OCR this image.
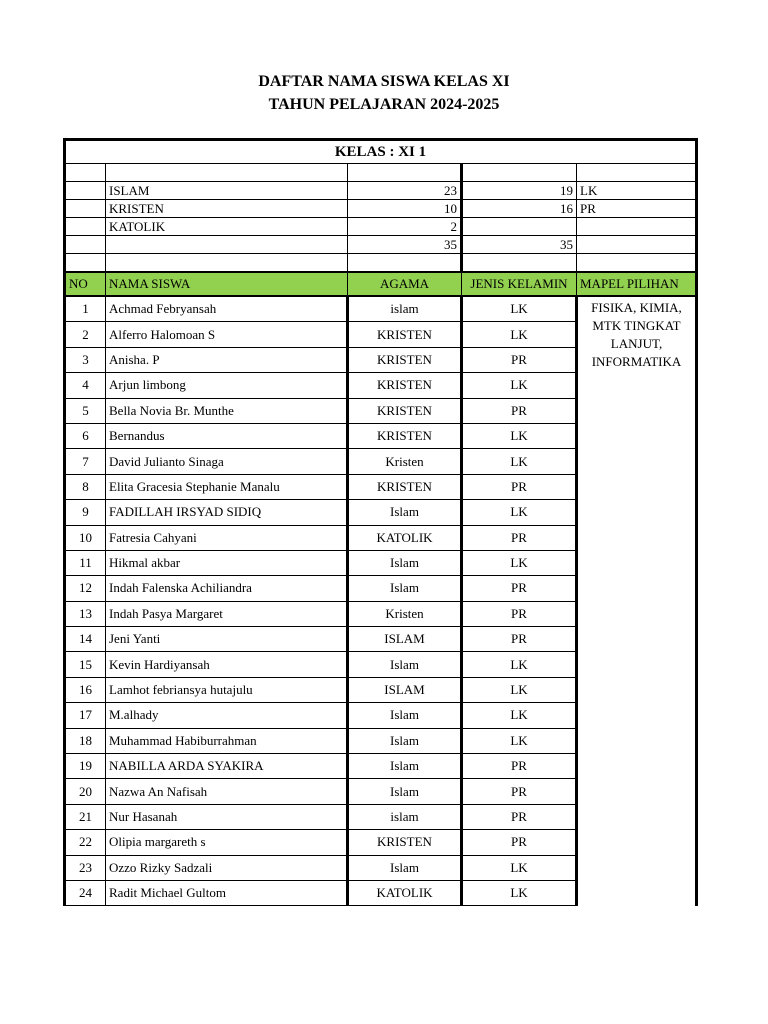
DAFTAR NAMA SISWA KELAS XI
TAHUN PELAJARAN 2024-2025
KELAS : XI 1				

	ISLAM	23	19	LK
	KRISTEN	10	16	PR
	KATOLIK	2		
		35	35	

NO	NAMA SISWA	AGAMA	JENIS KELAMIN	MAPEL PILIHAN
1	Achmad Febryansah	islam	LK	FISIKA, KIMIA, MTK TINGKAT LANJUT, INFORMATIKA
2	Alferro Halomoan S	KRISTEN	LK	
3	Anisha. P	KRISTEN	PR	
4	Arjun limbong	KRISTEN	LK	
5	Bella Novia Br. Munthe	KRISTEN	PR	
6	Bernandus	KRISTEN	LK	
7	David Julianto Sinaga	Kristen	LK	
8	Elita Gracesia Stephanie Manalu	KRISTEN	PR	
9	FADILLAH IRSYAD SIDIQ	Islam	LK	
10	Fatresia Cahyani	KATOLIK	PR	
11	Hikmal akbar	Islam	LK	
12	Indah Falenska Achiliandra	Islam	PR	
13	Indah Pasya Margaret	Kristen	PR	
14	Jeni Yanti	ISLAM	PR	
15	Kevin Hardiyansah	Islam	LK	
16	Lamhot febriansya hutajulu	ISLAM	LK	
17	M.alhady	Islam	LK	
18	Muhammad Habiburrahman	Islam	LK	
19	NABILLA ARDA SYAKIRA	Islam	PR	
20	Nazwa An Nafisah	Islam	PR	
21	Nur Hasanah	islam	PR	
22	Olipia margareth s	KRISTEN	PR	
23	Ozzo Rizky Sadzali	Islam	LK	
24	Radit Michael Gultom	KATOLIK	LK	
